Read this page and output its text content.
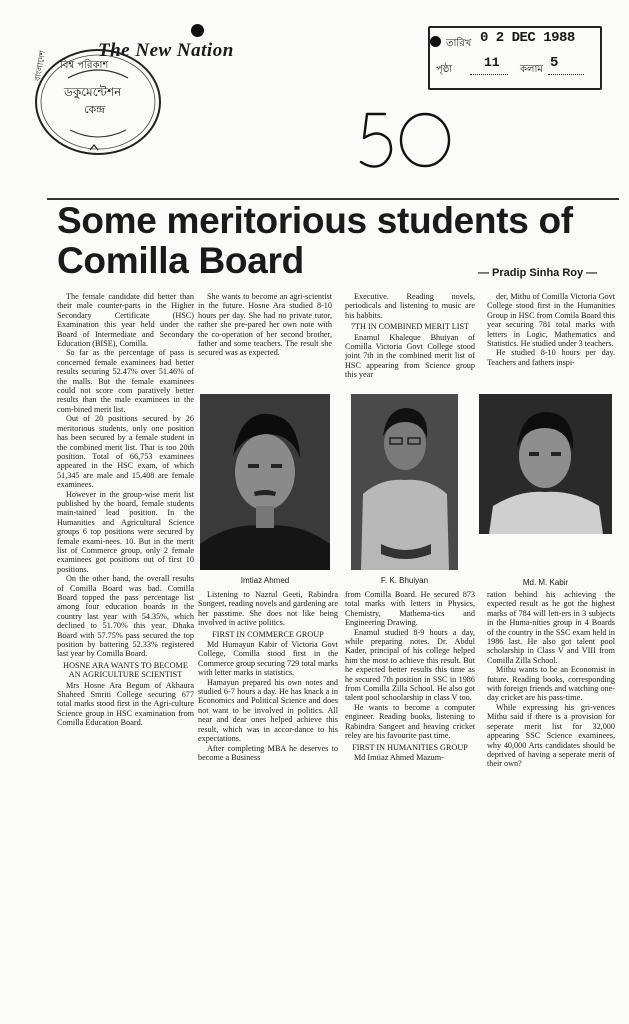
বিশ্ব পরিকাশ
ডকুমেন্টেশন
কেন্দ্র
বাংলাদেশ	The New Nation	তারিখ 0 2 DEC 1988
পৃষ্ঠা 11 কলাম 5
Some meritorious students of
Comilla Board	— Pradip Sinha Roy —

The female candidate did better than their male counter-parts in the Higher Secondary Certificate (HSC) Examination this year held under the Board of Intermediate and Secondary Education (BISE), Comilla.

So far as the percentage of pass is concerned female examinees had better results securing 52.47% over 51.46% of the malls. But the female examinees could not score com paratively better results than the male examinees in the com-bined merit list.

Out of 20 positions secured by 26 meritorious students, only one position has been secured by a female student in the combined merit list. That is too 20th position. Total of 66,753 examinees appeared in the HSC exam, of which 51,345 are male and 15,408 are female examinees.

However in the group-wise merit list published by the board, female students main-tained lead position. In the Humanities and Agricultural Science groups 6 top positions were secured by female exami-nees. 10. But in the merit list of Commerce group, only 2 female examinees got positions out of first 10 positions.

On the other hand, the overall results of Comilla Board was bad. Comilla Board topped the pass percentage list among four education boards in the country last year with 54.35%, which declined to 51.70% this year. Dhaka Board with 57.75% pass secured the top position by battering 52.33% registered last year by Comilla Board.

HOSNE ARA WANTS TO BECOME AN AGRICULTURE SCIENTIST

Mrs Hosne Ara Begum of Akhaura Shaheed Smriti College securing 677 total marks stood first in the Agri-culture Science group in HSC examination from Comilla Education Board.

She wants to become an agri-scientist in the future. Hosne Ara studied 8-10 hours per day. She had no private tutor, rather she pre-pared her own note with the co-operation of her second brother, father and some teachers. The result she secured was as expected.

Executive. Reading novels, periodicals and listening to music are his habbits.

7TH IN COMBINED MERIT LIST

Enamul Khaleque Bhuiyan of Comilla Victoria Govt College stood joint 7th in the combined merit list of HSC appearing from Science group this year

der, Mithu of Comilla Victoria Govt College stood first in the Humanities Group in HSC from Comila Board this year securing 781 total marks with letters in Logic, Mathematics and Statistics. He studied under 3 teachers.

He studied 8-10 hours per day. Teachers and fathers inspi-

Imtiaz Ahmed	F. K. Bhuiyan	Md. M. Kabir

Listening to Nazrul Geeti, Rabindra Songeet, reading novels and gardening are her passtime. She does not like being involved in active politics.

FIRST IN COMMERCE GROUP

Md Humayun Kabir of Victoria Govt College, Comilla stood first in the Commerce group securing 729 total marks with letter marks in statistics.

Hamayun prepared his own notes and studied 6-7 hours a day. He has knack a in Economics and Political Science and does not want to be involved in politics. All near and dear ones helped achieve this result, which was in accor-dance to his expectations.

After completing MBA he deserves to become a Business

from Comilla Board. He secured 873 total marks with letters in Physics, Chemistry, Mathema-tics and Engineering Drawing.

Enamul studied 8-9 hours a day, while preparing notes. Dr. Abdul Kader, principal of his college helped him the most to achieve this result. But he expected better results this time as he secured 7th position in SSC in 1986 from Comilla Zilla School. He also got talent pool schoolarship in class V too.

He wants to become a computer engineer. Reading books, listening to Rabindra Sangeet and heaving cricket reley are his favourite past time.

FIRST IN HUMANITIES GROUP

Md Imtiaz Ahmed Mazum-

ration behind his achieving the expected result as he got the highest marks of 784 will lett-ers in 3 subjects in the Huma-nities group in 4 Boards of the country in the SSC exam held in 1986 last. He also got talent pool scholarship in Class V and VIII from Comilla Zilla School.

Mithu wants to be an Economist in future. Reading books, corresponding with foreign friends and watching one-day cricket are his pass-time.

While expressing his gri-vences Mithu said if there is a provision for seperate merit list for 32,000 appearing SSC Science examinees, why 40,000 Arts candidates should be deprived of having a seperate merit of their own?
